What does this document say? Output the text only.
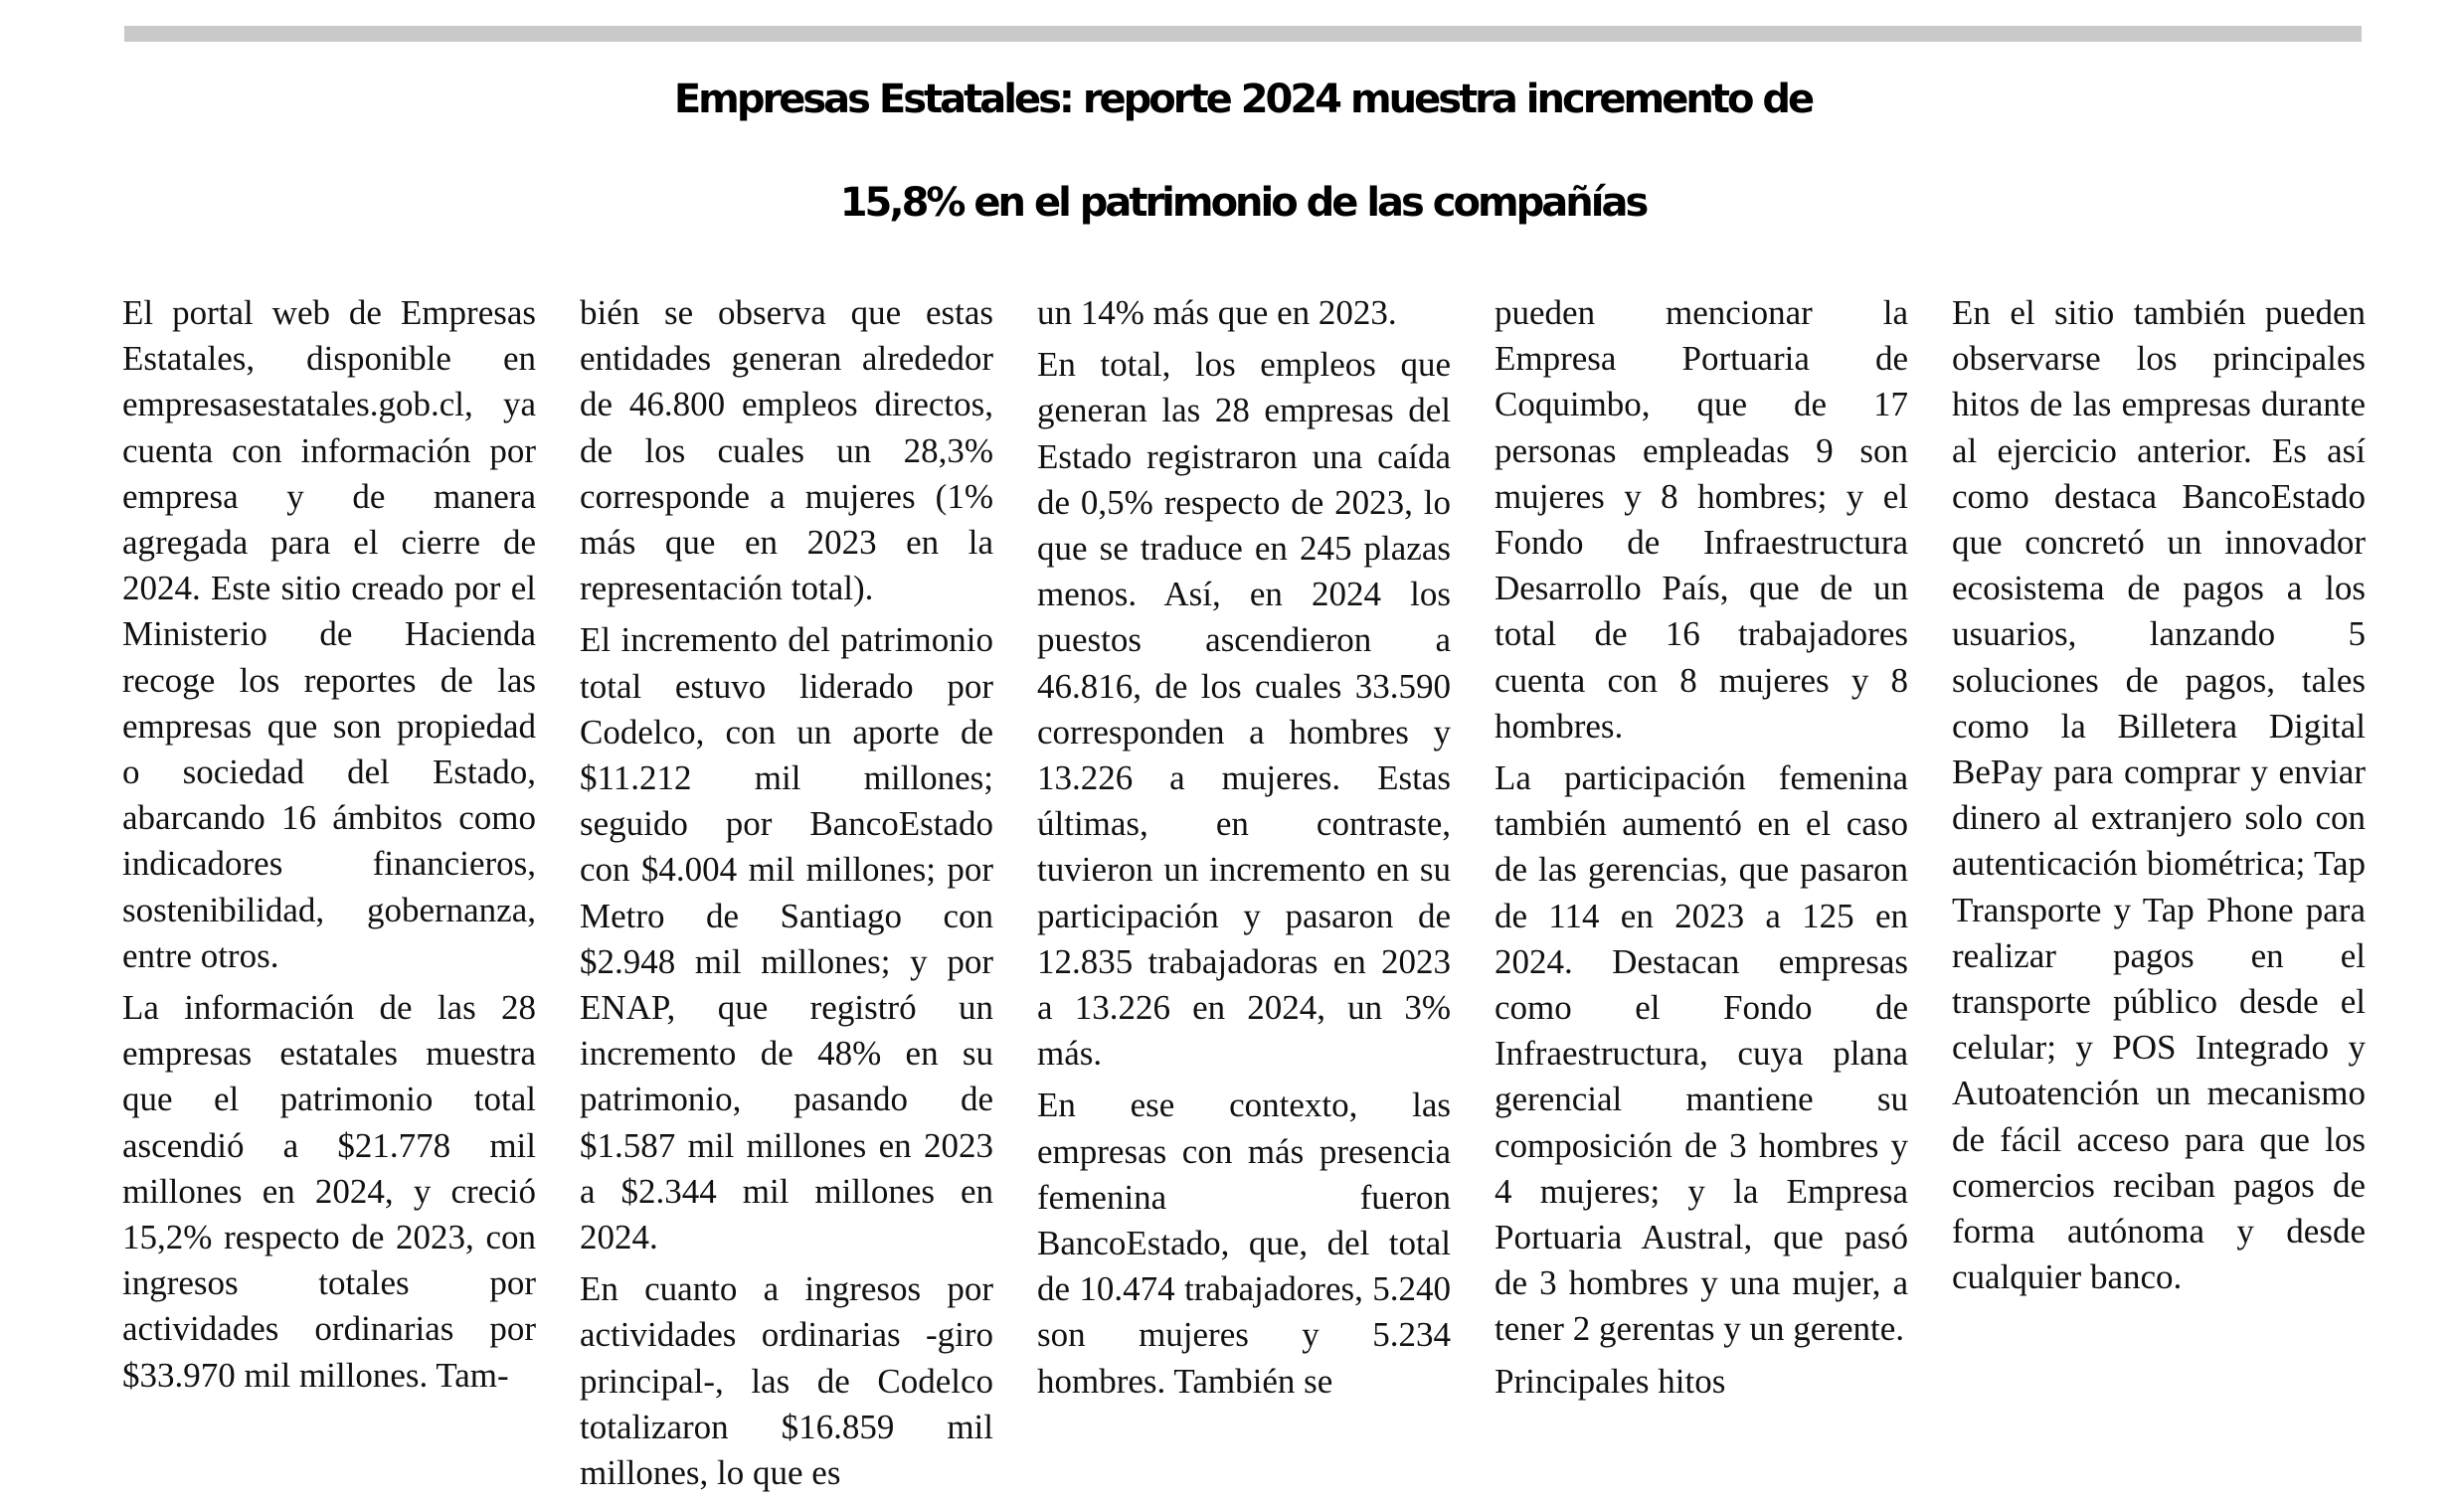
Empresas Estatales: reporte 2024 muestra incremento de
15,8% en el patrimonio de las compañías

El portal web de Empresas Estatales, disponible en empresasestatales.gob.cl, ya cuenta con información por empresa y de manera agregada para el cierre de 2024. Este sitio creado por el Ministerio de Hacienda recoge los reportes de las empresas que son propiedad o sociedad del Estado, abarcando 16 ámbitos como indicadores financieros, sostenibilidad, gobernanza, entre otros.

La información de las 28 empresas estatales muestra que el patrimonio total ascendió a $21.778 mil millones en 2024, y creció 15,2% respecto de 2023, con ingresos totales por actividades ordinarias por $33.970 mil millones. Tam-

bién se observa que estas entidades generan alrededor de 46.800 empleos directos, de los cuales un 28,3% corresponde a mujeres (1% más que en 2023 en la representación total).

El incremento del patrimonio total estuvo liderado por Codelco, con un aporte de $11.212 mil millones; seguido por BancoEstado con $4.004 mil millones; por Metro de Santiago con $2.948 mil millones; y por ENAP, que registró un incremento de 48% en su patrimonio, pasando de $1.587 mil millones en 2023 a $2.344 mil millones en 2024.

En cuanto a ingresos por actividades ordinarias -giro principal-, las de Codelco totalizaron $16.859 mil millones, lo que es

un 14% más que en 2023.

En total, los empleos que generan las 28 empresas del Estado registraron una caída de 0,5% respecto de 2023, lo que se traduce en 245 plazas menos. Así, en 2024 los puestos ascendieron a 46.816, de los cuales 33.590 corresponden a hombres y 13.226 a mujeres. Estas últimas, en contraste, tuvieron un incremento en su participación y pasaron de 12.835 trabajadoras en 2023 a 13.226 en 2024, un 3% más.

En ese contexto, las empresas con más presencia femenina fueron BancoEstado, que, del total de 10.474 trabajadores, 5.240 son mujeres y 5.234 hombres. También se

pueden mencionar la Empresa Portuaria de Coquimbo, que de 17 personas empleadas 9 son mujeres y 8 hombres; y el Fondo de Infraestructura Desarrollo País, que de un total de 16 trabajadores cuenta con 8 mujeres y 8 hombres.

La participación femenina también aumentó en el caso de las gerencias, que pasaron de 114 en 2023 a 125 en 2024. Destacan empresas como el Fondo de Infraestructura, cuya plana gerencial mantiene su composición de 3 hombres y 4 mujeres; y la Empresa Portuaria Austral, que pasó de 3 hombres y una mujer, a tener 2 gerentas y un gerente.

Principales hitos

En el sitio también pueden observarse los principales hitos de las empresas durante al ejercicio anterior. Es así como destaca BancoEstado que concretó un innovador ecosistema de pagos a los usuarios, lanzando 5 soluciones de pagos, tales como la Billetera Digital BePay para comprar y enviar dinero al extranjero solo con autenticación biométrica; Tap Transporte y Tap Phone para realizar pagos en el transporte público desde el celular; y POS Integrado y Autoatención un mecanismo de fácil acceso para que los comercios reciban pagos de forma autónoma y desde cualquier banco.
